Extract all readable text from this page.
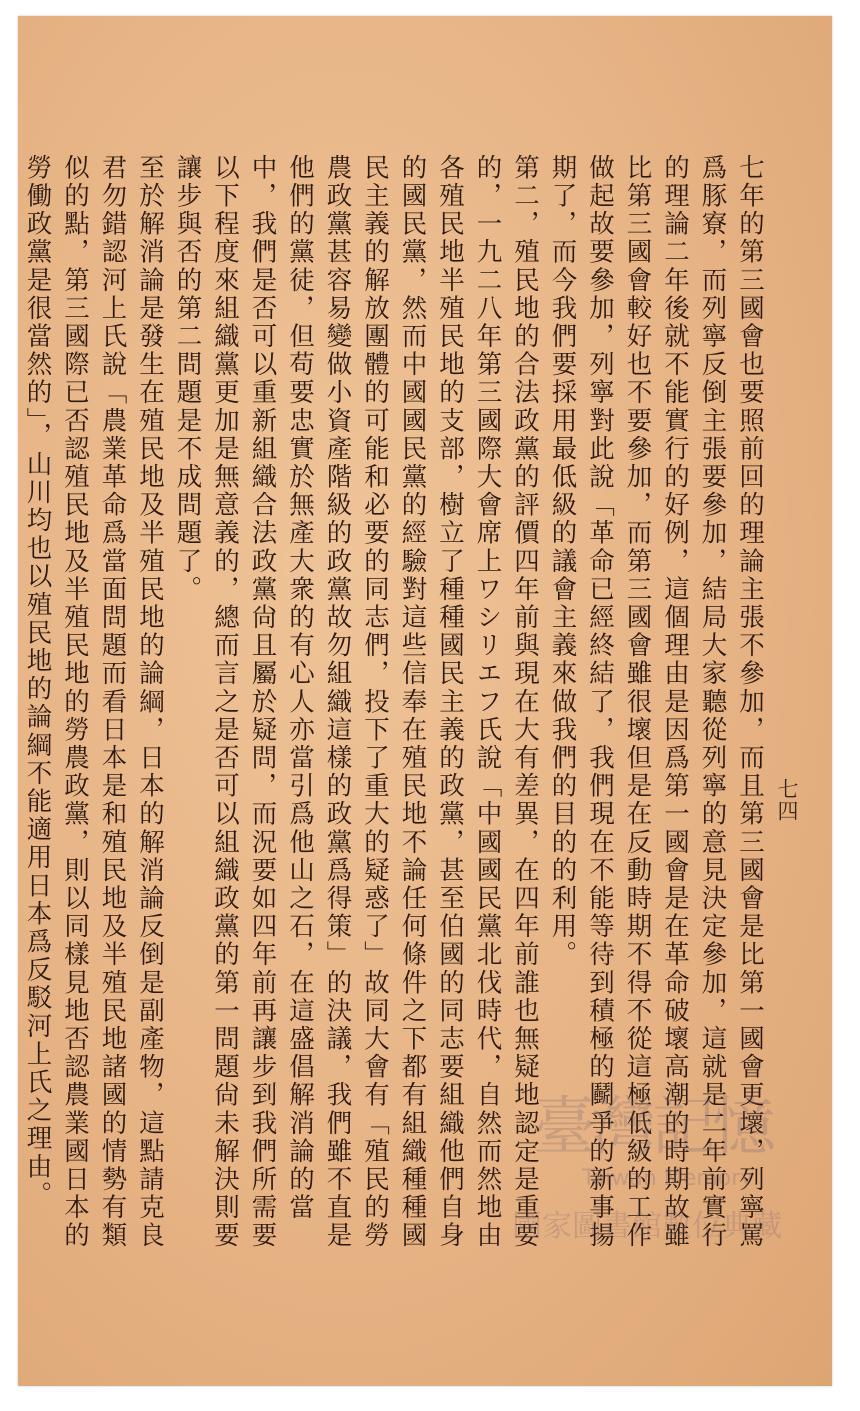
七四

七年的第三國會也要照前回的理論主張不參加，而且第三國會是比第一國會更壞，列寧罵爲豚寮，而列寧反倒主張要參加，結局大家聽從列寧的意見決定參加，這就是二年前實行的理論二年後就不能實行的好例，這個理由是因爲第一國會是在革命破壞高潮的時期故雖比第三國會較好也不要參加，而第三國會雖很壞但是在反動時期不得不從這極低級的工作做起故要參加，列寧對此說「革命已經終結了，我們現在不能等待到積極的鬬爭的新事揚期了，而今我們要採用最低級的議會主義來做我們的目的的利用。

第二，殖民地的合法政黨的評價四年前與現在大有差異，在四年前誰也無疑地認定是重要的，一九二八年第三國際大會席上ワシリエフ氏說「中國國民黨北伐時代，自然而然地由各殖民地半殖民地的支部，樹立了種種國民主義的政黨，甚至伯國的同志要組織他們自身的國民黨，然而中國國民黨的經驗對這些信奉在殖民地不論任何條件之下都有組織種種國民主義的解放團體的可能和必要的同志們，投下了重大的疑惑了」故同大會有「殖民的勞農政黨甚容易變做小資產階級的政黨故勿組織這樣的政黨爲得策」的決議，我們雖不直是他們的黨徒，但苟要忠實於無產大衆的有心人亦當引爲他山之石，在這盛倡解消論的當中，我們是否可以重新組織合法政黨尙且屬於疑問，而況要如四年前再讓步到我們所需要以下程度來組織黨更加是無意義的，總而言之是否可以組織政黨的第一問題尙未解決則要讓步與否的第二問題是不成問題了。

至於解消論是發生在殖民地及半殖民地的論綱，日本的解消論反倒是副產物，這點請克良君勿錯認河上氏說「農業革命爲當面問題而看日本是和殖民地及半殖民地諸國的情勢有類似的點，第三國際已否認殖民地及半殖民地的勞農政黨，則以同樣見地否認農業國日本的勞働政黨是很當然的」，山川均也以殖民地的論綱不能適用日本爲反駁河上氏之理由。	臺灣記憶
Taiwan Memory
國家圖書館數位典藏
